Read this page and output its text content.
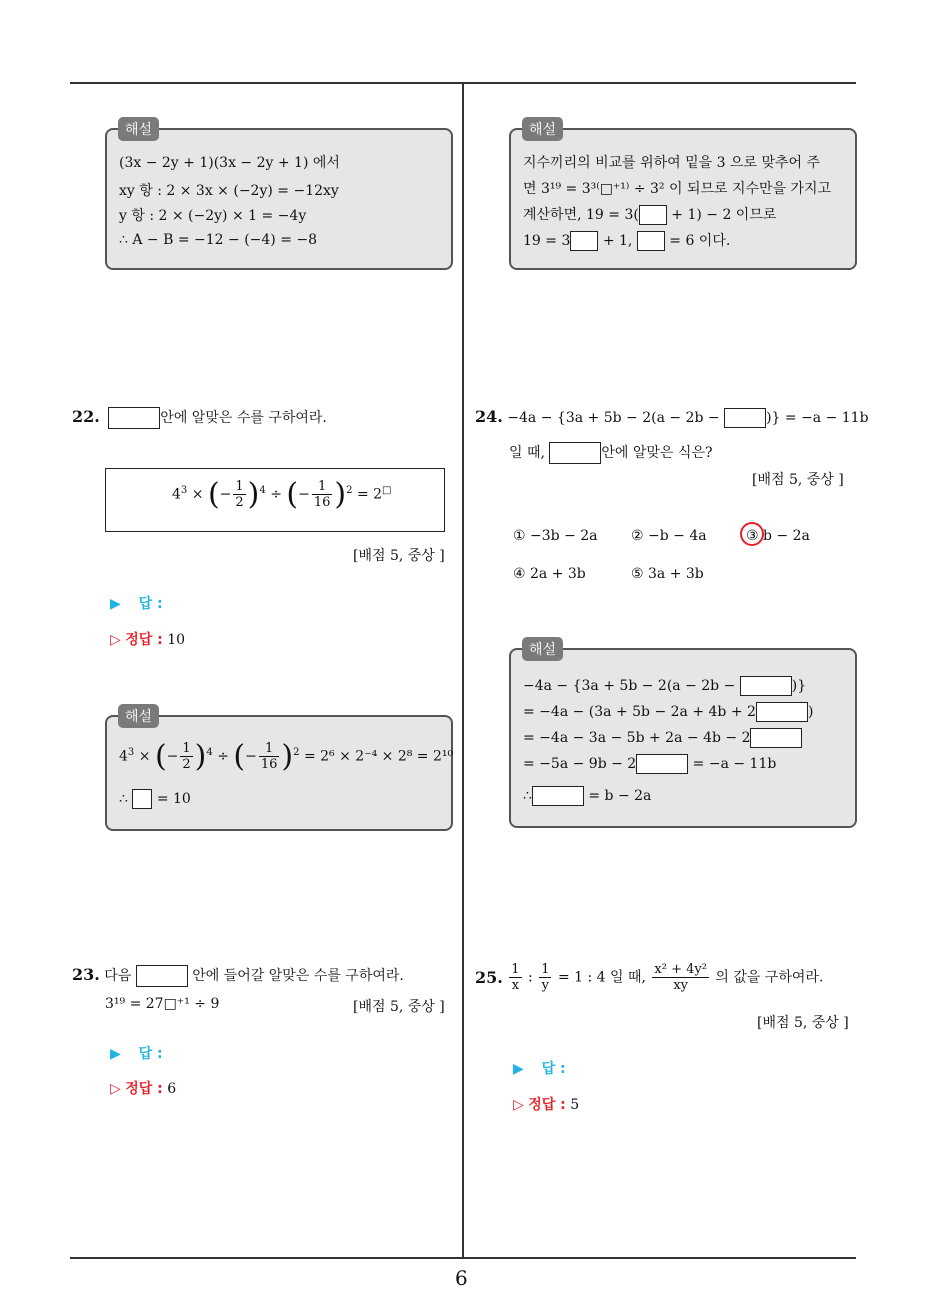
6
(3x − 2y + 1)(3x − 2y + 1) 에서
xy 항 : 2 × 3x × (−2y) = −12xy
y 항 : 2 × (−2y) × 1 = −4y
∴ A − B = −12 − (−4) = −8
해설
22.	안에 알맞은 수를 구하여라.
$4^3$ × (− $\frac{1}{2} )^4$ ÷ (− $\frac{1}{16} )^2 = 2^□$
[배점 5, 중상 ]
▶ 답 :
▷ 정답 : 10
$4^3$ × (− $\frac{1}{2} )^4$ ÷ (− $\frac{1}{16} )^2 = 2^6 \times 2^{-4} \times 2^8 = 2^{10}$
∴ = 10
해설
23. 다음	안에 들어갈 알맞은 수를 구하여라.
3¹⁹ = 27□⁺¹ ÷ 9	[배점 5, 중상 ]
▶ 답 :
▷ 정답 : 6
지수끼리의 비교를 위하여 밑을 3 으로 맞추어 주
면 3¹⁹ = 3³⁽□⁺¹⁾ ÷ 3² 이 되므로 지수만을 가지고
계산하면, 19 = 3( + 1) − 2 이므로
19 = 3 + 1,	= 6 이다.
해설
24. −4a − {3a + 5b − 2(a − 2b −	)} = −a − 11b
일 때,	안에 알맞은 식은?
[배점 5, 중상 ]
① −3b − 2a ② −b − 4a	③ b − 2a
④ 2a + 3b	⑤ 3a + 3b
−4a − {3a + 5b − 2(a − 2b −	)}
= −4a − (3a + 5b − 2a + 4b + 2	)
= −4a − 3a − 5b + 2a − 4b − 2
= −5a − 9b − 2	= −a − 11b
∴	= b − 2a
해설
25. $\frac{1}{x}$ : $\frac{1}{y} = 1$ : 4 일 때, $\frac{\text{x² + 4y²}}{xy}$ 의 값을 구하여라.
[배점 5, 중상 ]
▶ 답 :
▷ 정답 : 5
